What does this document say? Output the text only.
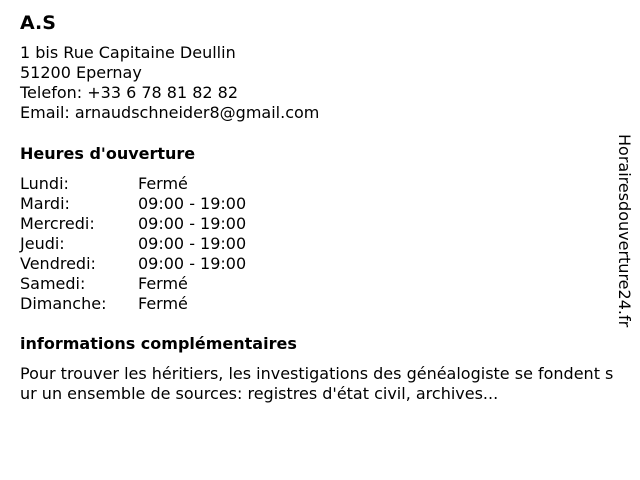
A.S
1 bis Rue Capitaine Deullin
51200 Epernay
Telefon: +33 6 78 81 82 82
Email: arnaudschneider8@gmail.com
Heures d'ouverture
Lundi:	Fermé
Mardi:	09:00 - 19:00
Mercredi:	09:00 - 19:00
Jeudi:	09:00 - 19:00
Vendredi:	09:00 - 19:00
Samedi:	Fermé
Dimanche:	Fermé
informations complémentaires
Pour trouver les héritiers, les investigations des généalogiste se fondent sur un ensemble de sources: registres d'état civil, archives...
Horairesdouverture24.fr
